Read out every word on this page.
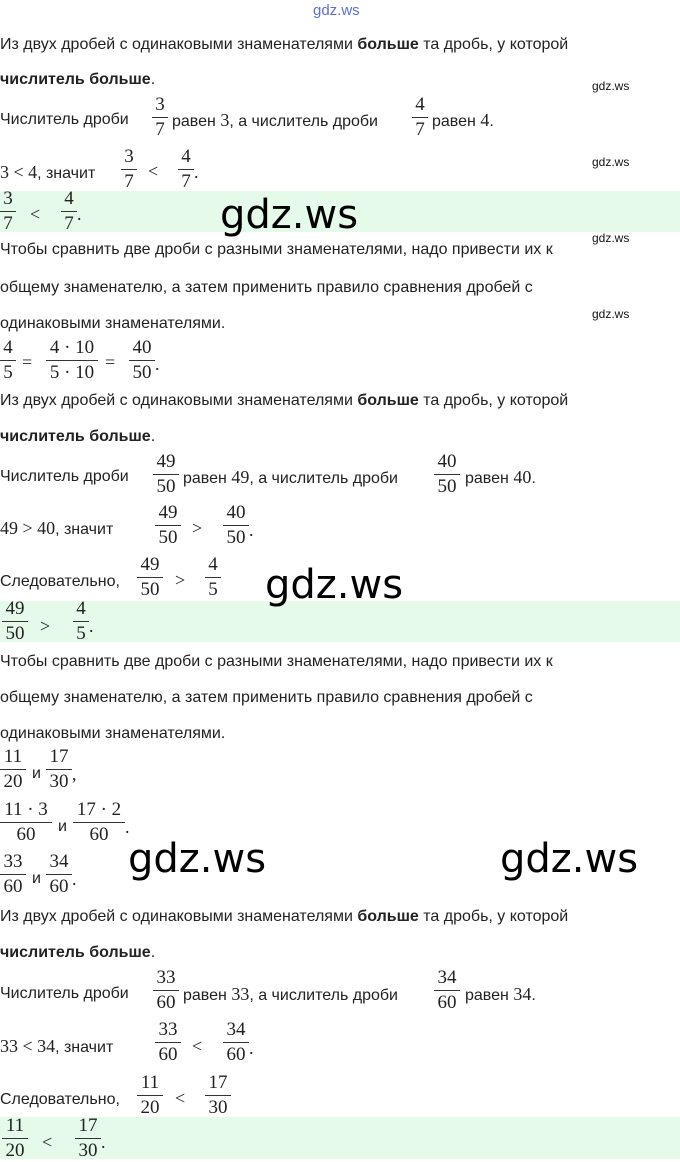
gdz.ws
Из двух дробей с одинаковыми знаменателями больше та дробь, у которой
числитель больше.	gdz.ws
Числитель дроби
3
7 равен 3, а числитель дроби
4
7 равен 4.
3 < 4, значит
3
7 <
4
7 .	gdz.ws
3
7 <
4
7 .	gdz.ws	gdz.ws
Чтобы сравнить две дроби с разными знаменателями, надо привести их к
общему знаменателю, а затем применить правило сравнения дробей с
gdz.ws
одинаковыми знаменателями.
4
5 =
4 · 10
5 · 10 =
40
50 .
Из двух дробей с одинаковыми знаменателями больше та дробь, у которой
числитель больше.
Числитель дроби
49
50 равен 49, а числитель дроби
40
50 равен 40.
49 > 40, значит
49
50 >
40
50 .
Следовательно,
49
50 >
4
5
49
50 >
4
5 .
gdz.ws
Чтобы сравнить две дроби с разными знаменателями, надо привести их к
общему знаменателю, а затем применить правило сравнения дробей с
одинаковыми знаменателями.
11
20 и
17
30 ,
11 · 3
60	и
17 · 2
60 .
33
60 и
34
60 . gdz.ws	gdz.ws
Из двух дробей с одинаковыми знаменателями больше та дробь, у которой
числитель больше.
Числитель дроби
33
60 равен 33, а числитель дроби
34
60 равен 34.
33 < 34, значит
33
60 <
34
60 .
Следовательно,
11
20 <
17
30
11
20 <
17
30 .
